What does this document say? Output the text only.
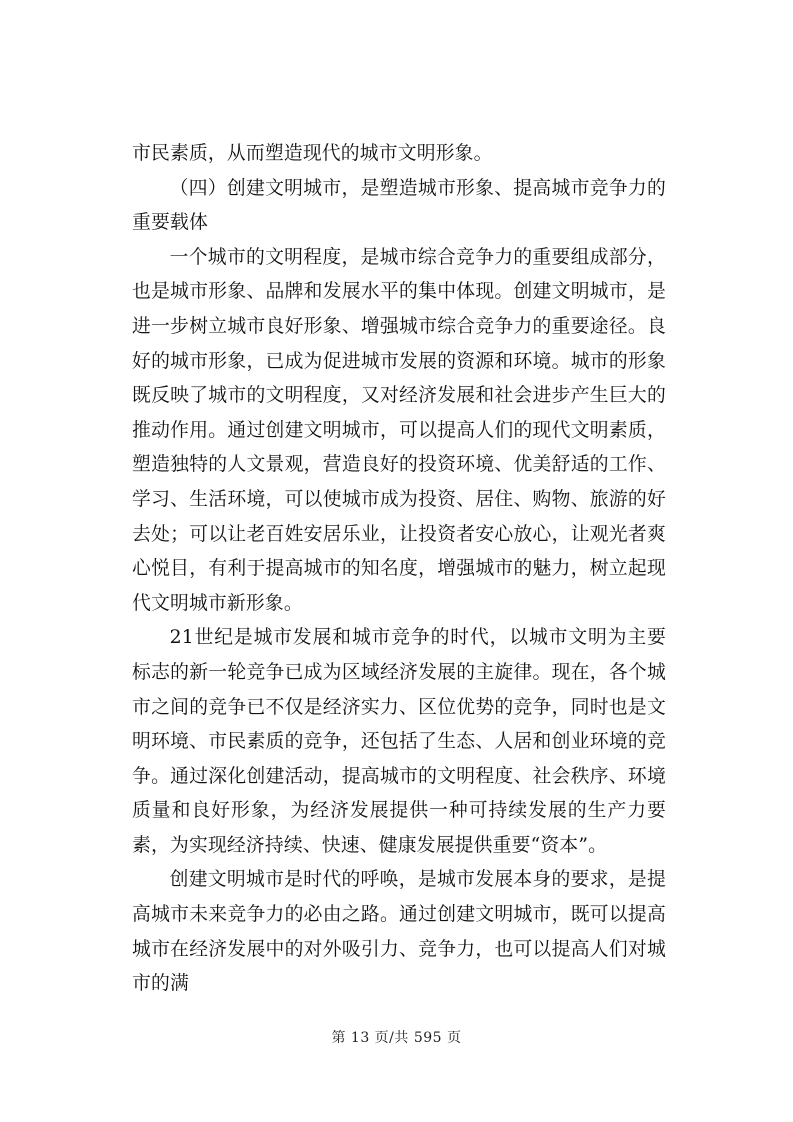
市民素质，从而塑造现代的城市文明形象。

（四）创建文明城市，是塑造城市形象、提高城市竞争力的重要载体

一个城市的文明程度，是城市综合竞争力的重要组成部分，也是城市形象、品牌和发展水平的集中体现。创建文明城市，是进一步树立城市良好形象、增强城市综合竞争力的重要途径。良好的城市形象，已成为促进城市发展的资源和环境。城市的形象既反映了城市的文明程度，又对经济发展和社会进步产生巨大的推动作用。通过创建文明城市，可以提高人们的现代文明素质，塑造独特的人文景观，营造良好的投资环境、优美舒适的工作、学习、生活环境，可以使城市成为投资、居住、购物、旅游的好去处；可以让老百姓安居乐业，让投资者安心放心，让观光者爽心悦目，有利于提高城市的知名度，增强城市的魅力，树立起现代文明城市新形象。

21世纪是城市发展和城市竞争的时代，以城市文明为主要标志的新一轮竞争已成为区域经济发展的主旋律。现在，各个城市之间的竞争已不仅是经济实力、区位优势的竞争，同时也是文明环境、市民素质的竞争，还包括了生态、人居和创业环境的竞争。通过深化创建活动，提高城市的文明程度、社会秩序、环境质量和良好形象，为经济发展提供一种可持续发展的生产力要素，为实现经济持续、快速、健康发展提供重要“资本”。

创建文明城市是时代的呼唤，是城市发展本身的要求，是提高城市未来竞争力的必由之路。通过创建文明城市，既可以提高城市在经济发展中的对外吸引力、竞争力，也可以提高人们对城市的满

第 13 页/共 595 页
